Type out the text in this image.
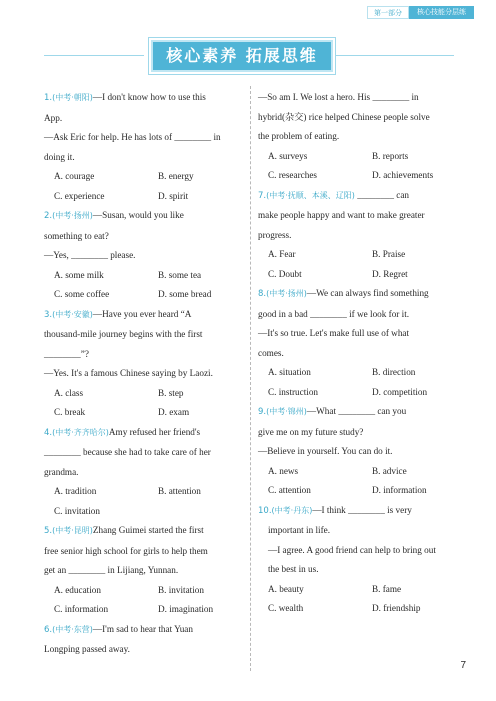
第一部分	核心技能分层练
核心素养 拓展思维
1.(中考·朝阳)—I don't know how to use this
App.
—Ask Eric for help. He has lots of ________ in
doing it.
A. courage	B. energy
C. experience	D. spirit
2.(中考·扬州)—Susan, would you like
something to eat?
—Yes, ________ please.
A. some milk	B. some tea
C. some coffee	D. some bread
3.(中考·安徽)—Have you ever heard “A
thousand-mile journey begins with the first
________”?
—Yes. It's a famous Chinese saying by Laozi.
A. class	B. step
C. break	D. exam
4.(中考·齐齐哈尔)Amy refused her friend's
________ because she had to take care of her
grandma.
A. tradition	B. attention
C. invitation
5.(中考·昆明)Zhang Guimei started the first
free senior high school for girls to help them
get an ________ in Lijiang, Yunnan.
A. education	B. invitation
C. information	D. imagination
6.(中考·东营)—I'm sad to hear that Yuan
Longping passed away.
—So am I. We lost a hero. His ________ in
hybrid(杂交) rice helped Chinese people solve
the problem of eating.
A. surveys	B. reports
C. researches	D. achievements
7.(中考·抚顺、本溪、辽阳) ________ can
make people happy and want to make greater
progress.
A. Fear	B. Praise
C. Doubt	D. Regret
8.(中考·扬州)—We can always find something
good in a bad ________ if we look for it.
—It's so true. Let's make full use of what
comes.
A. situation	B. direction
C. instruction	D. competition
9.(中考·锦州)—What ________ can you
give me on my future study?
—Believe in yourself. You can do it.
A. news	B. advice
C. attention	D. information
10.(中考·丹东)—I think ________ is very
important in life.
—I agree. A good friend can help to bring out
the best in us.
A. beauty	B. fame
C. wealth	D. friendship
7
